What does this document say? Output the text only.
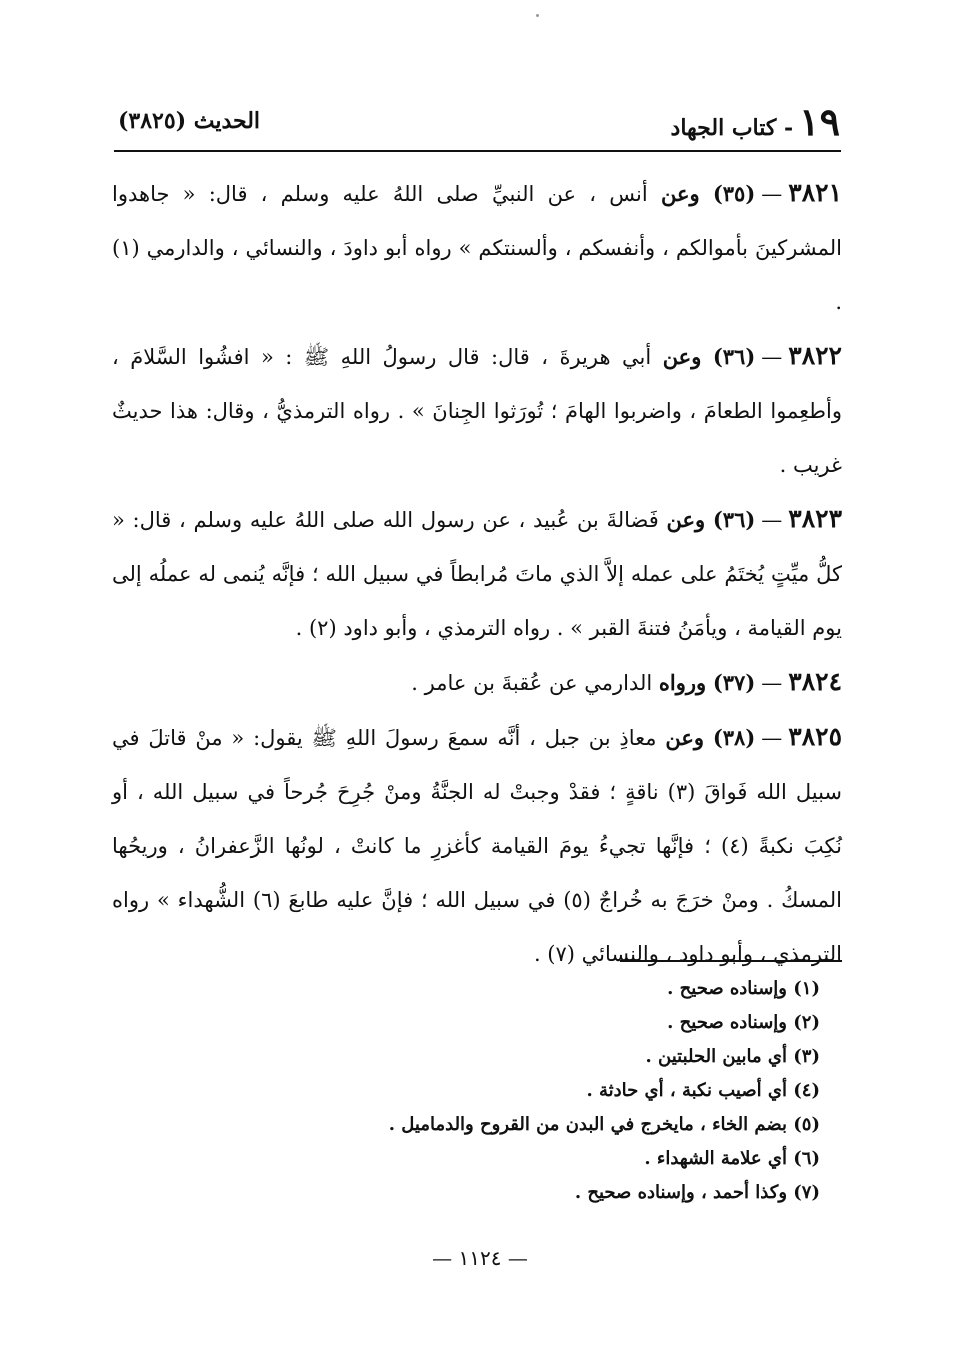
١٩
- كتاب الجهاد
الحديث (٣٨٢٥)

٣٨٢١—(٣٥) وعن أنس ، عن النبيِّ صلى اللهُ عليه وسلم ، قال: « جاهدوا المشركينَ بأموالكم ، وأنفسكم ، وألسنتكم » رواه أبو داودَ ، والنسائي ، والدارمي (١) .

٣٨٢٢—(٣٦) وعن أبي هريرةَ ، قال: قال رسولُ اللهِ ﷺ : « افشُوا السَّلامَ ، وأطعِموا الطعامَ ، واضربوا الهامَ ؛ تُورَثوا الجِنانَ » . رواه الترمذيُّ ، وقال: هذا حديثٌ غريب .

٣٨٢٣—(٣٦) وعن فَضالةَ بن عُبيد ، عن رسول الله صلى اللهُ عليه وسلم ، قال: « كلُّ ميِّتٍ يُختَمُ على عمله إلاَّ الذي ماتَ مُرابطاً في سبيل الله ؛ فإنَّه يُنمى له عملُه إلى يوم القيامة ، ويأمَنُ فتنةَ القبر » . رواه الترمذي ، وأبو داود (٢) .

٣٨٢٤—(٣٧) ورواه الدارمي عن عُقبةَ بن عامر .

٣٨٢٥—(٣٨) وعن معاذِ بن جبل ، أنَّه سمعَ رسولَ اللهِ ﷺ يقول: « منْ قاتلَ في سبيل الله فَواقَ (٣) ناقةٍ ؛ فقدْ وجبتْ له الجنَّةُ ومنْ جُرِحَ جُرحاً في سبيل الله ، أو نُكِبَ نكبةً (٤) ؛ فإنَّها تجيءُ يومَ القيامة كأغزرِ ما كانتْ ، لونُها الزَّعفرانُ ، وريحُها المسكُ . ومنْ خرَجَ به خُراجٌ (٥) في سبيل الله ؛ فإنَّ عليه طابعَ (٦) الشُّهداء » رواه الترمذي ، وأبو داود ، والنسائي (٧) .

(١) وإسناده صحيح .

(٢) وإسناده صحيح .

(٣) أي مابين الحلبتين .

(٤) أي أصيب نكبة ، أي حادثة .

(٥) بضم الخاء ، مايخرج في البدن من القروح والدماميل .

(٦) أي علامة الشهداء .

(٧) وكذا أحمد ، وإسناده صحيح .

— ١١٢٤ —
